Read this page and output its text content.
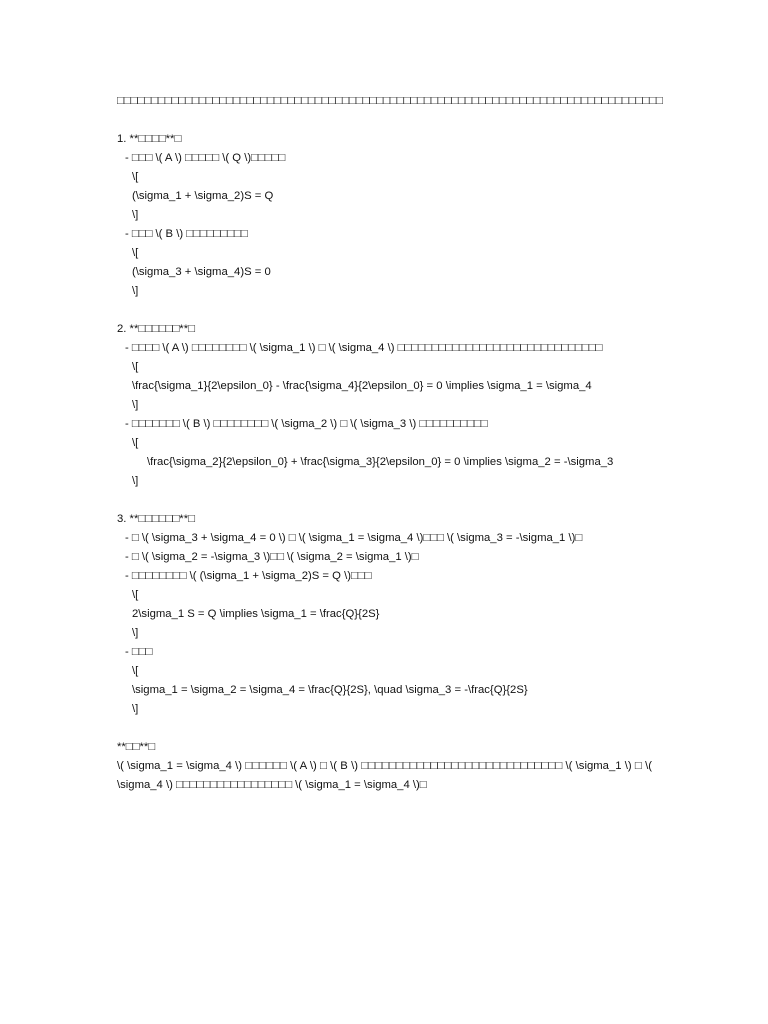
□□□□□□□□□□□□□□□□□□□□□□□□□□□□□□□□□□□□□□□□□□□□□□□□□□□□□□□□□□□□□□□□□□□□□□□□□□□□□□□□
1. **□□□□**□
- □□□ \( A \) □□□□□ \( Q \)□□□□□
\[
(\sigma_1 + \sigma_2)S = Q
\]
- □□□ \( B \) □□□□□□□□□
\[
(\sigma_3 + \sigma_4)S = 0
\]
2. **□□□□□□**□
- □□□□ \( A \) □□□□□□□□ \( \sigma_1 \) □ \( \sigma_4 \) □□□□□□□□□□□□□□□□□□□□□□□□□□□□□□
\[
\frac{\sigma_1}{2\epsilon_0} - \frac{\sigma_4}{2\epsilon_0} = 0 \implies \sigma_1 = \sigma_4
\]
- □□□□□□□ \( B \) □□□□□□□□ \( \sigma_2 \) □ \( \sigma_3 \) □□□□□□□□□□
\[
\frac{\sigma_2}{2\epsilon_0} + \frac{\sigma_3}{2\epsilon_0} = 0 \implies \sigma_2 = -\sigma_3
\]
3. **□□□□□□**□
- □ \( \sigma_3 + \sigma_4 = 0 \) □ \( \sigma_1 = \sigma_4 \)□□□ \( \sigma_3 = -\sigma_1 \)□
- □ \( \sigma_2 = -\sigma_3 \)□□ \( \sigma_2 = \sigma_1 \)□
- □□□□□□□□ \( (\sigma_1 + \sigma_2)S = Q \)□□□
\[
2\sigma_1 S = Q \implies \sigma_1 = \frac{Q}{2S}
\]
- □□□
\[
\sigma_1 = \sigma_2 = \sigma_4 = \frac{Q}{2S}, \quad \sigma_3 = -\frac{Q}{2S}
\]
**□□**□
\( \sigma_1 = \sigma_4 \) □□□□□□ \( A \) □ \( B \) □□□□□□□□□□□□□□□□□□□□□□□□□□□□□ \( \sigma_1 \) □ \( \sigma_4 \) □□□□□□□□□□□□□□□□□ \( \sigma_1 = \sigma_4 \)□
